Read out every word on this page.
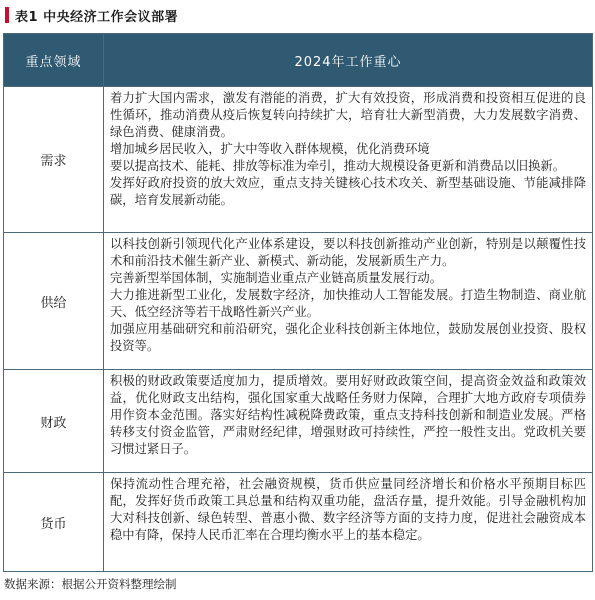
表1 中央经济工作会议部署
重点领域	2024年工作重心
需求	着力扩大国内需求，激发有潜能的消费，扩大有效投资，形成消费和投资相互促进的良性循环，推动消费从疫后恢复转向持续扩大，培育壮大新型消费，大力发展数字消费、绿色消费、健康消费。

增加城乡居民收入，扩大中等收入群体规模，优化消费环境

要以提高技术、能耗、排放等标准为牵引，推动大规模设备更新和消费品以旧换新。

发挥好政府投资的放大效应，重点支持关键核心技术攻关、新型基础设施、节能减排降碳，培育发展新动能。

供给	以科技创新引领现代化产业体系建设，要以科技创新推动产业创新，特别是以颠覆性技术和前沿技术催生新产业、新模式、新动能，发展新质生产力。

完善新型举国体制，实施制造业重点产业链高质量发展行动。

大力推进新型工业化，发展数字经济，加快推动人工智能发展。打造生物制造、商业航天、低空经济等若干战略性新兴产业。

加强应用基础研究和前沿研究，强化企业科技创新主体地位，鼓励发展创业投资、股权投资等。

财政	积极的财政政策要适度加力，提质增效。要用好财政政策空间，提高资金效益和政策效益，优化财政支出结构，强化国家重大战略任务财力保障，合理扩大地方政府专项债券用作资本金范围。落实好结构性减税降费政策，重点支持科技创新和制造业发展。严格转移支付资金监管，严肃财经纪律，增强财政可持续性，严控一般性支出。党政机关要习惯过紧日子。

货币	保持流动性合理充裕，社会融资规模，货币供应量同经济增长和价格水平预期目标匹配，发挥好货币政策工具总量和结构双重功能，盘活存量，提升效能。引导金融机构加大对科技创新、绿色转型、普惠小微、数字经济等方面的支持力度，促进社会融资成本稳中有降，保持人民币汇率在合理均衡水平上的基本稳定。

数据来源：根据公开资料整理绘制
